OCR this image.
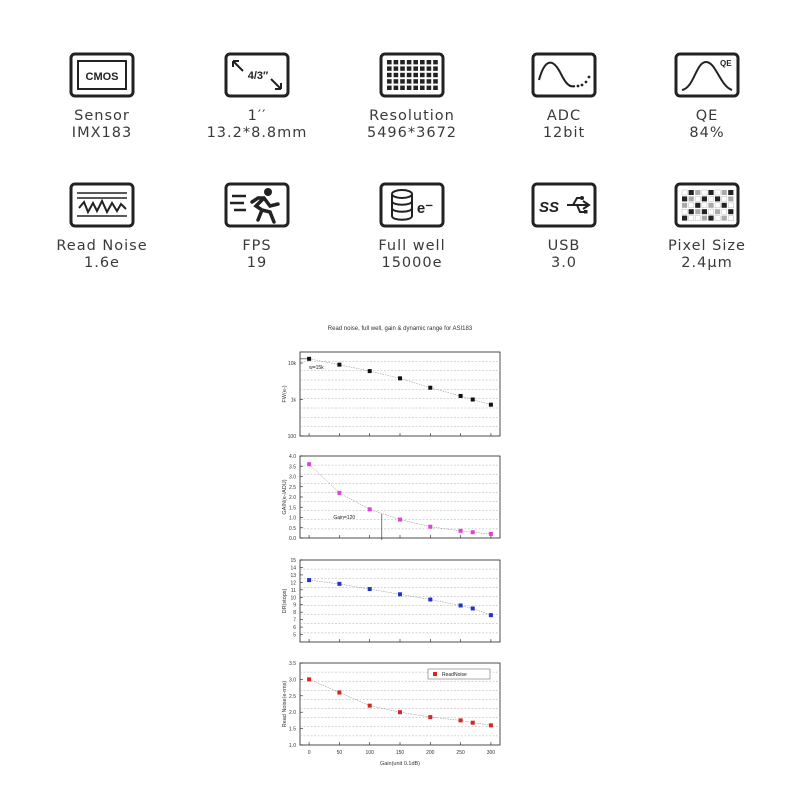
CMOS
Sensor
IMX183
4/3′′
1′′
13.2*8.8mm
Resolution
5496*3672
ADC
12bit
QE
QE
84%
Read Noise
1.6e
FPS
19
e⁻
Full well
15000e
SS
USB
3.0
Pixel Size
2.4μm
Read noise, full well, gain & dynamic range for ASI183
10k
1k
100
FW(e-)
w=15k
4.0
3.5
3.0
2.5
2.0
1.5
1.0
0.5
0.0
GAIN(e-/ADU)
Gain=120
15
14
13
12
11
10
9
8
7
6
5
DR(stops)
3.5
3.0
2.5
2.0
1.5
1.0
Read Noise(e-rms)
ReadNoise
0	50	100	150	200	250	300
Gain(unit 0.1dB)
